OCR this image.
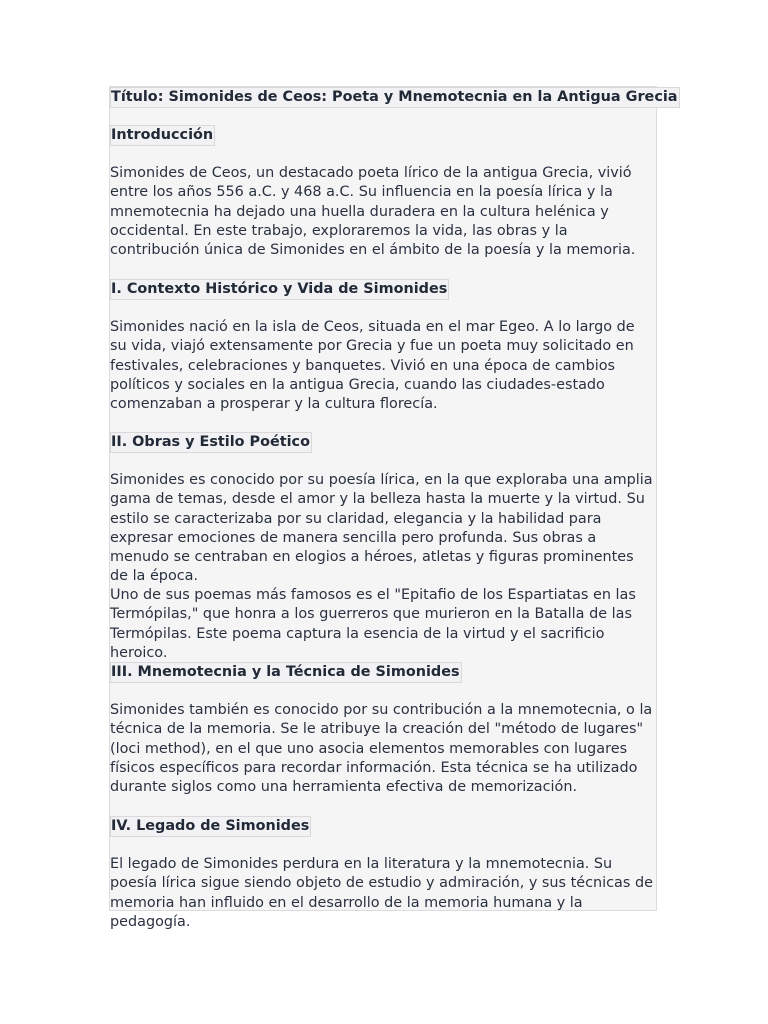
Título: Simonides de Ceos: Poeta y Mnemotecnia en la Antigua Grecia
Introducción

Simonides de Ceos, un destacado poeta lírico de la antigua Grecia, vivió entre los años 556 a.C. y 468 a.C. Su influencia en la poesía lírica y la mnemotecnia ha dejado una huella duradera en la cultura helénica y occidental. En este trabajo, exploraremos la vida, las obras y la contribución única de Simonides en el ámbito de la poesía y la memoria.

I. Contexto Histórico y Vida de Simonides

Simonides nació en la isla de Ceos, situada en el mar Egeo. A lo largo de su vida, viajó extensamente por Grecia y fue un poeta muy solicitado en festivales, celebraciones y banquetes. Vivió en una época de cambios políticos y sociales en la antigua Grecia, cuando las ciudades-estado comenzaban a prosperar y la cultura florecía.

II. Obras y Estilo Poético

Simonides es conocido por su poesía lírica, en la que exploraba una amplia gama de temas, desde el amor y la belleza hasta la muerte y la virtud. Su estilo se caracterizaba por su claridad, elegancia y la habilidad para expresar emociones de manera sencilla pero profunda. Sus obras a menudo se centraban en elogios a héroes, atletas y figuras prominentes de la época.

Uno de sus poemas más famosos es el "Epitafio de los Espartiatas en las Termópilas," que honra a los guerreros que murieron en la Batalla de las Termópilas. Este poema captura la esencia de la virtud y el sacrificio heroico.

III. Mnemotecnia y la Técnica de Simonides

Simonides también es conocido por su contribución a la mnemotecnia, o la técnica de la memoria. Se le atribuye la creación del "método de lugares" (loci method), en el que uno asocia elementos memorables con lugares físicos específicos para recordar información. Esta técnica se ha utilizado durante siglos como una herramienta efectiva de memorización.

IV. Legado de Simonides

El legado de Simonides perdura en la literatura y la mnemotecnia. Su poesía lírica sigue siendo objeto de estudio y admiración, y sus técnicas de memoria han influido en el desarrollo de la memoria humana y la pedagogía.
